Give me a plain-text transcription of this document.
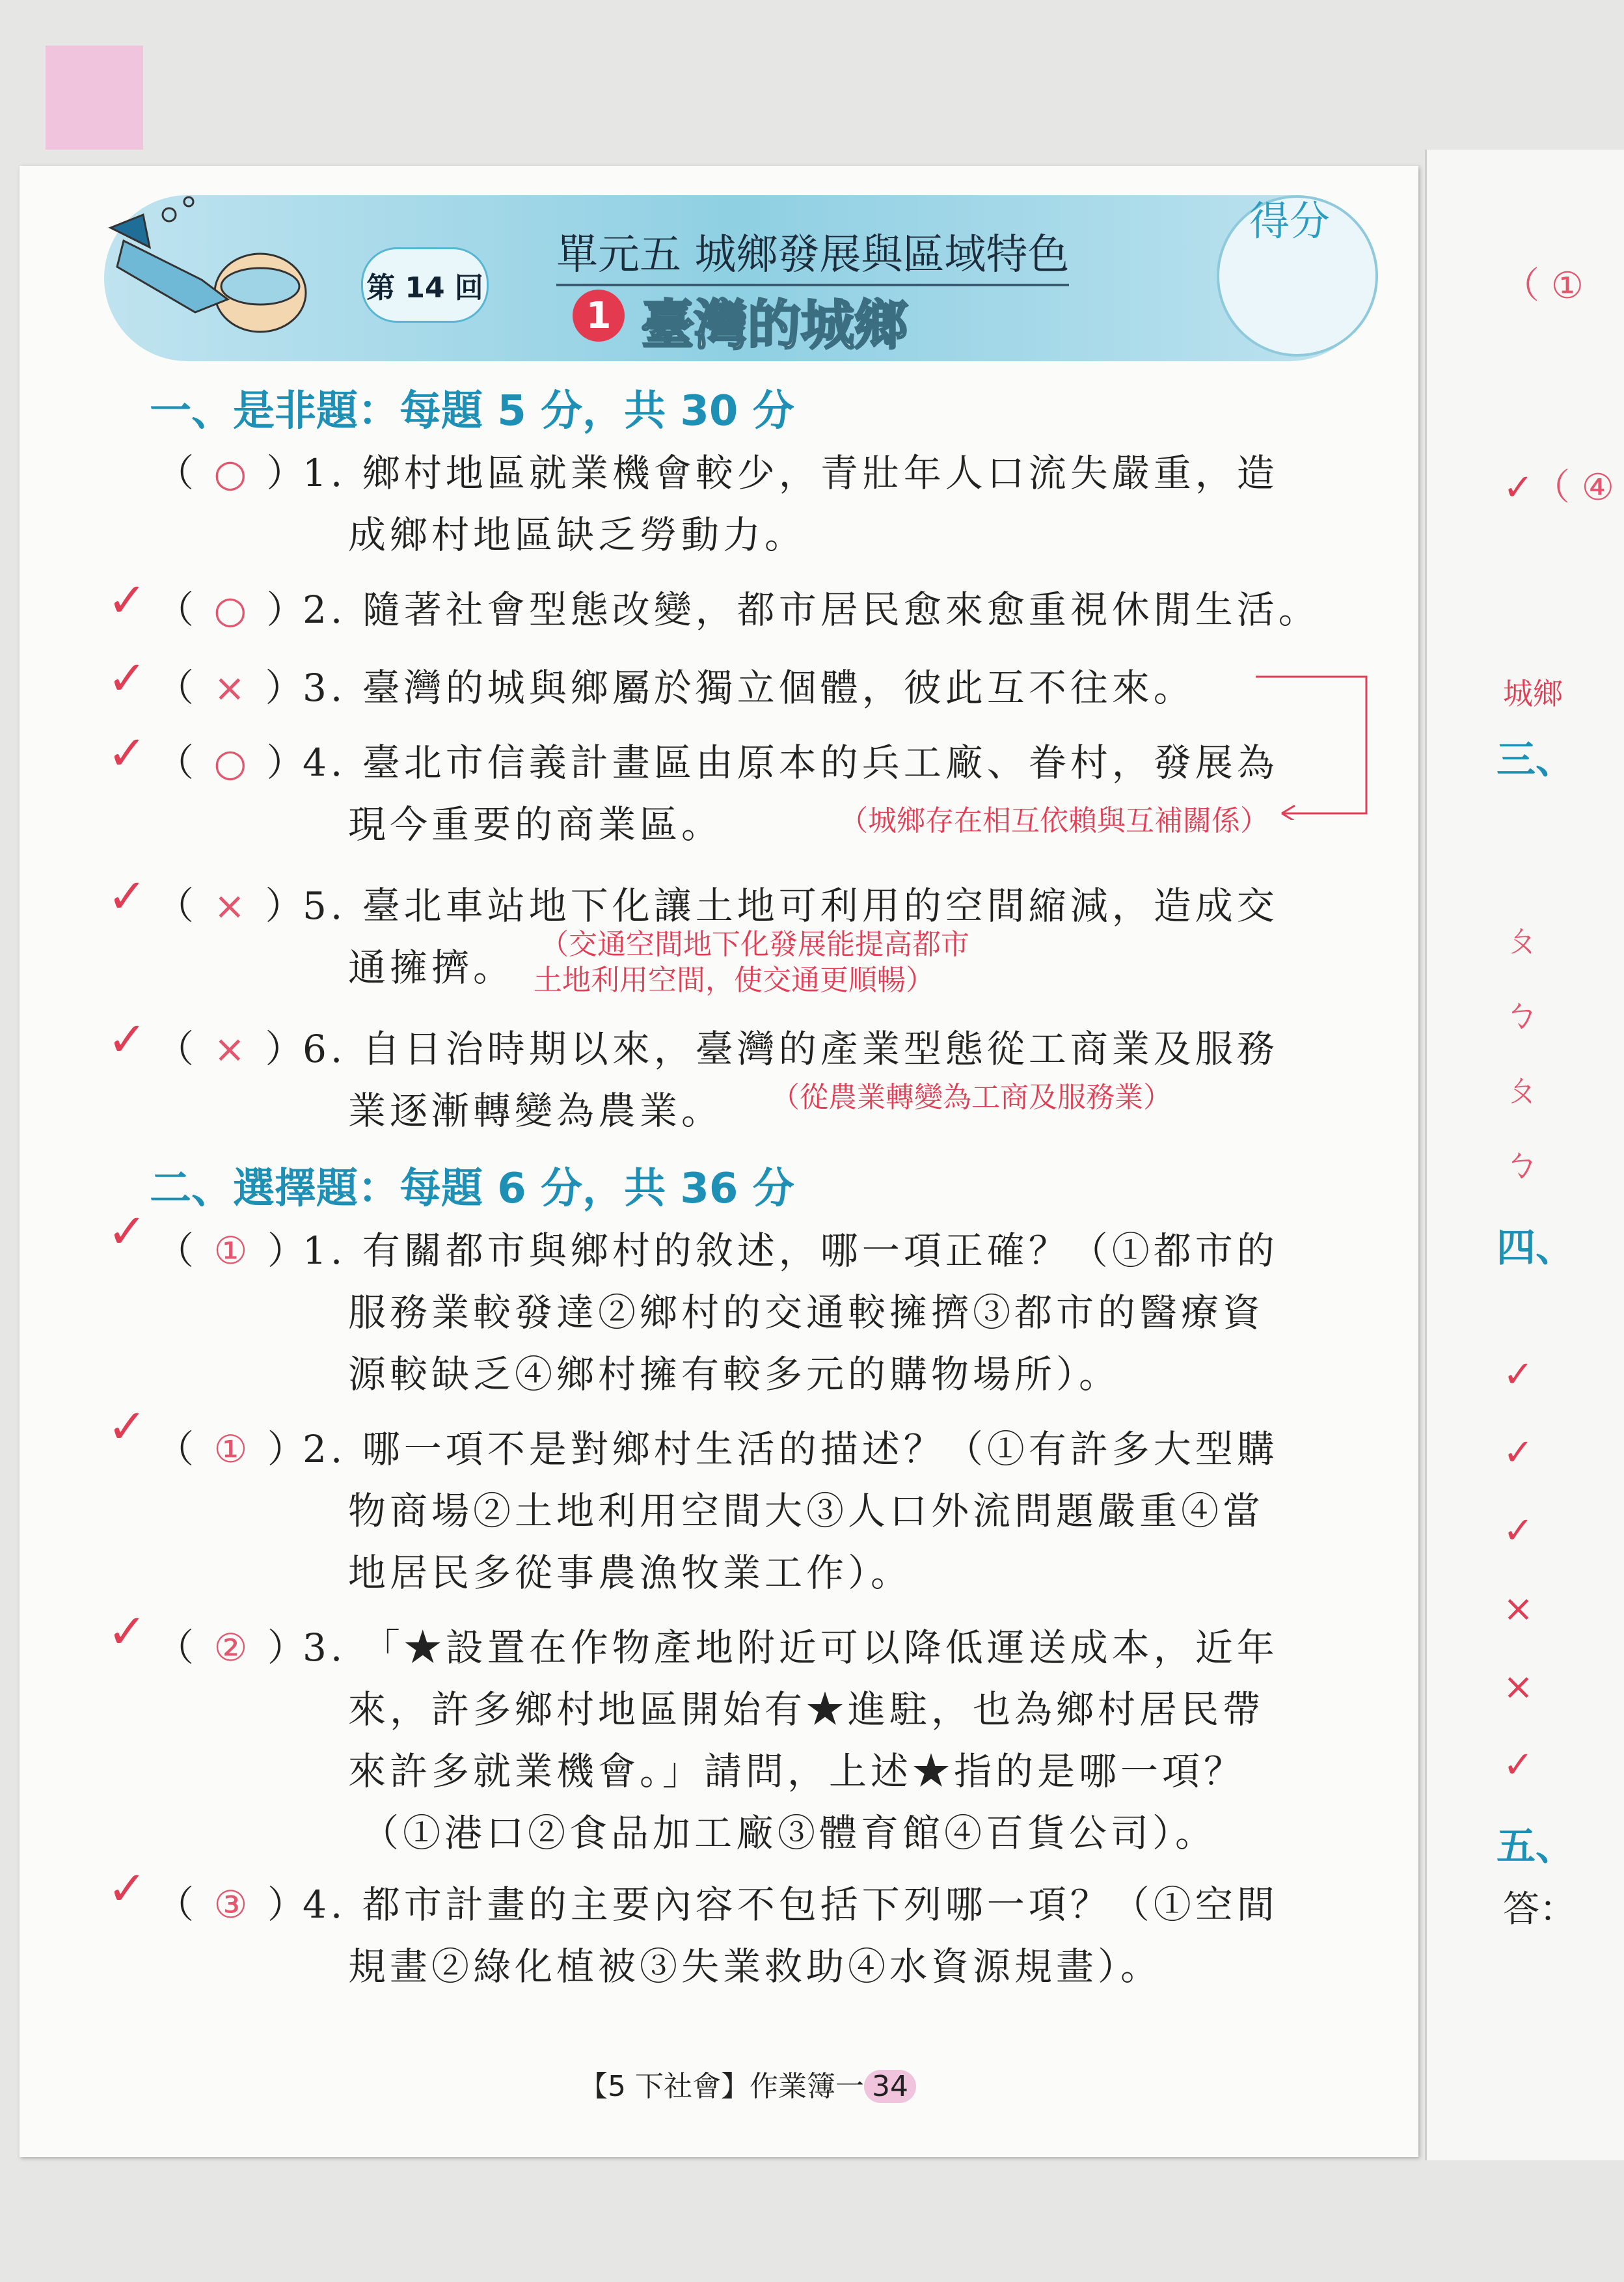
第 14 回
單元五 城鄉發展與區域特色
1 臺灣的城鄉
得分
一、是非題：每題 5 分，共 30 分
（ ○ ）
1. 鄉村地區就業機會較少，青壯年人口流失嚴重，造
成鄉村地區缺乏勞動力。
✓ （ ○ ）
2. 隨著社會型態改變，都市居民愈來愈重視休閒生活。
✓ （ × ）
3. 臺灣的城與鄉屬於獨立個體，彼此互不往來。
✓ （ ○ ）
4. 臺北市信義計畫區由原本的兵工廠、眷村，發展為
現今重要的商業區。	（城鄉存在相互依賴與互補關係）
✓ （ × ）
5. 臺北車站地下化讓土地可利用的空間縮減，造成交
通擁擠。
（交通空間地下化發展能提高都市
土地利用空間，使交通更順暢）
✓ （ × ）
6. 自日治時期以來，臺灣的產業型態從工商業及服務
業逐漸轉變為農業。 （從農業轉變為工商及服務業）
二、選擇題：每題 6 分，共 36 分
✓ （ ① ）
1. 有關都市與鄉村的敘述，哪一項正確？（①都市的
服務業較發達②鄉村的交通較擁擠③都市的醫療資
源較缺乏④鄉村擁有較多元的購物場所）。
✓ （ ① ）
2. 哪一項不是對鄉村生活的描述？（①有許多大型購
物商場②土地利用空間大③人口外流問題嚴重④當
地居民多從事農漁牧業工作）。
✓ （ ② ）
3. 「★設置在作物產地附近可以降低運送成本，近年
來，許多鄉村地區開始有★進駐，也為鄉村居民帶
來許多就業機會。」請問，上述★指的是哪一項？
（①港口②食品加工廠③體育館④百貨公司）。
✓ （ ③ ）
4. 都市計畫的主要內容不包括下列哪一項？（①空間
規畫②綠化植被③失業救助④水資源規畫）。
【5 下社會】作業簿一 34
（ ①
✓（ ④
城鄉
三、
ㄆ
ㄅ
ㄆ
ㄅ
四、
✓
✓
✓
×
×
✓
五、
答：
